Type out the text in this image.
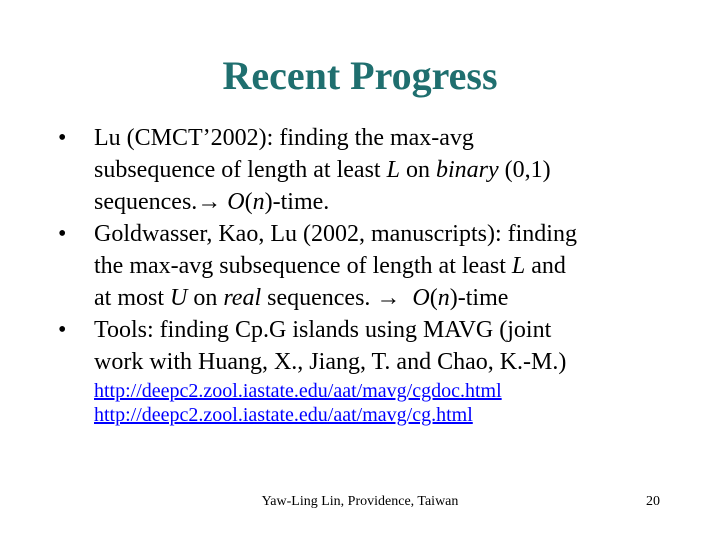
Recent Progress
•	Lu (CMCT’2002): finding the max-avg
subsequence of length at least L on binary (0,1)
sequences.→ O(n)-time.
•	Goldwasser, Kao, Lu (2002, manuscripts): finding
the max-avg subsequence of length at least L and
at most U on real sequences. → O(n)-time
•	Tools: finding Cp.G islands using MAVG (joint
work with Huang, X., Jiang, T. and Chao, K.-M.)
http://deepc2.zool.iastate.edu/aat/mavg/cgdoc.html
http://deepc2.zool.iastate.edu/aat/mavg/cg.html
Yaw-Ling Lin, Providence, Taiwan	20
